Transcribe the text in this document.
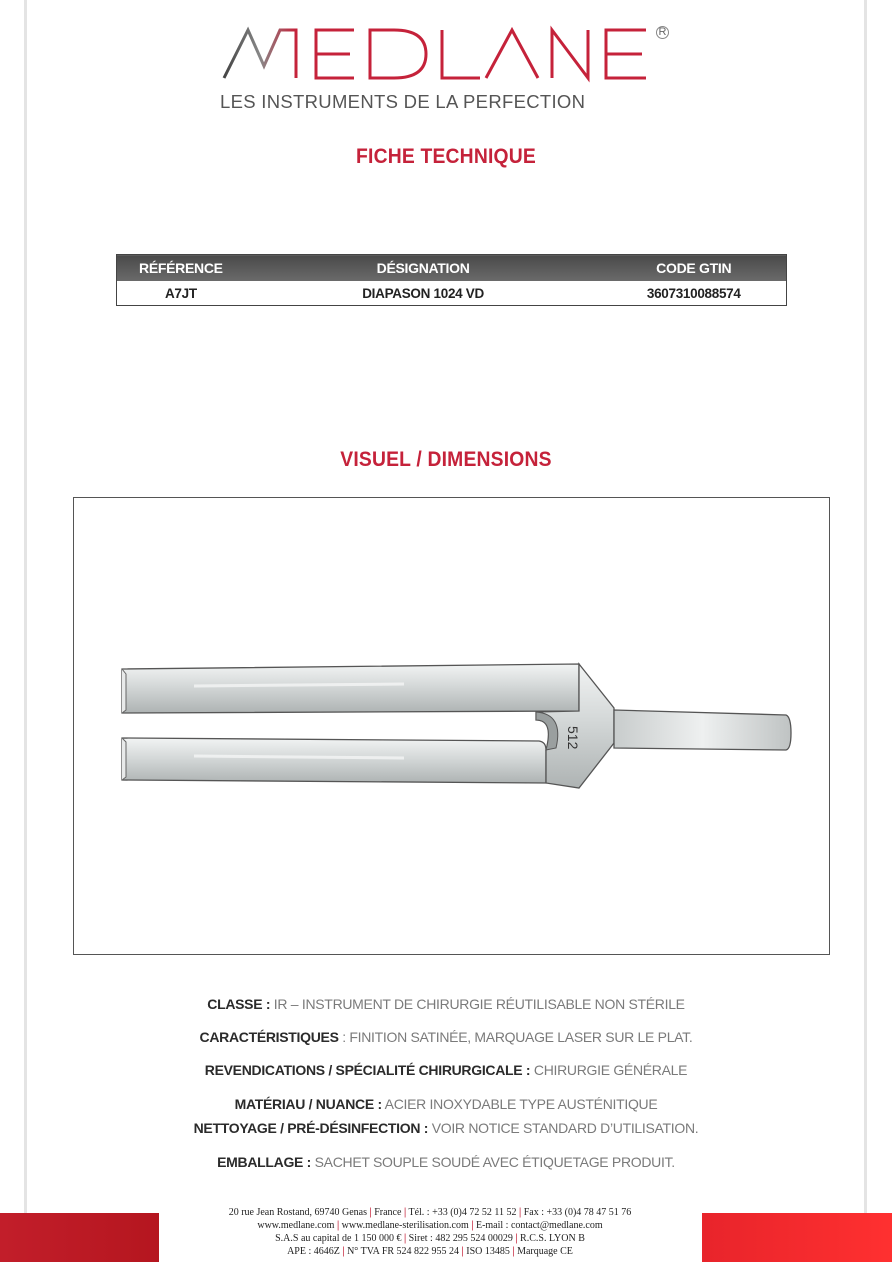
R
LES INSTRUMENTS DE LA PERFECTION
FICHE TECHNIQUE
RÉFÉRENCE	DÉSIGNATION	CODE GTIN
A7JT	DIAPASON 1024 VD	3607310088574
VISUEL / DIMENSIONS
512
CLASSE : IR – INSTRUMENT DE CHIRURGIE RÉUTILISABLE NON STÉRILE
CARACTÉRISTIQUES : FINITION SATINÉE, MARQUAGE LASER SUR LE PLAT.
REVENDICATIONS / SPÉCIALITÉ CHIRURGICALE : CHIRURGIE GÉNÉRALE
MATÉRIAU / NUANCE : ACIER INOXYDABLE TYPE AUSTÉNITIQUE
NETTOYAGE / PRÉ-DÉSINFECTION : VOIR NOTICE STANDARD D’UTILISATION.
EMBALLAGE : SACHET SOUPLE SOUDÉ AVEC ÉTIQUETAGE PRODUIT.
20 rue Jean Rostand, 69740 Genas | France | Tél. : +33 (0)4 72 52 11 52 | Fax : +33 (0)4 78 47 51 76
www.medlane.com | www.medlane-sterilisation.com | E-mail : contact@medlane.com
S.A.S au capital de 1 150 000 € | Siret : 482 295 524 00029 | R.C.S. LYON B
APE : 4646Z | N° TVA FR 524 822 955 24 | ISO 13485 | Marquage CE
